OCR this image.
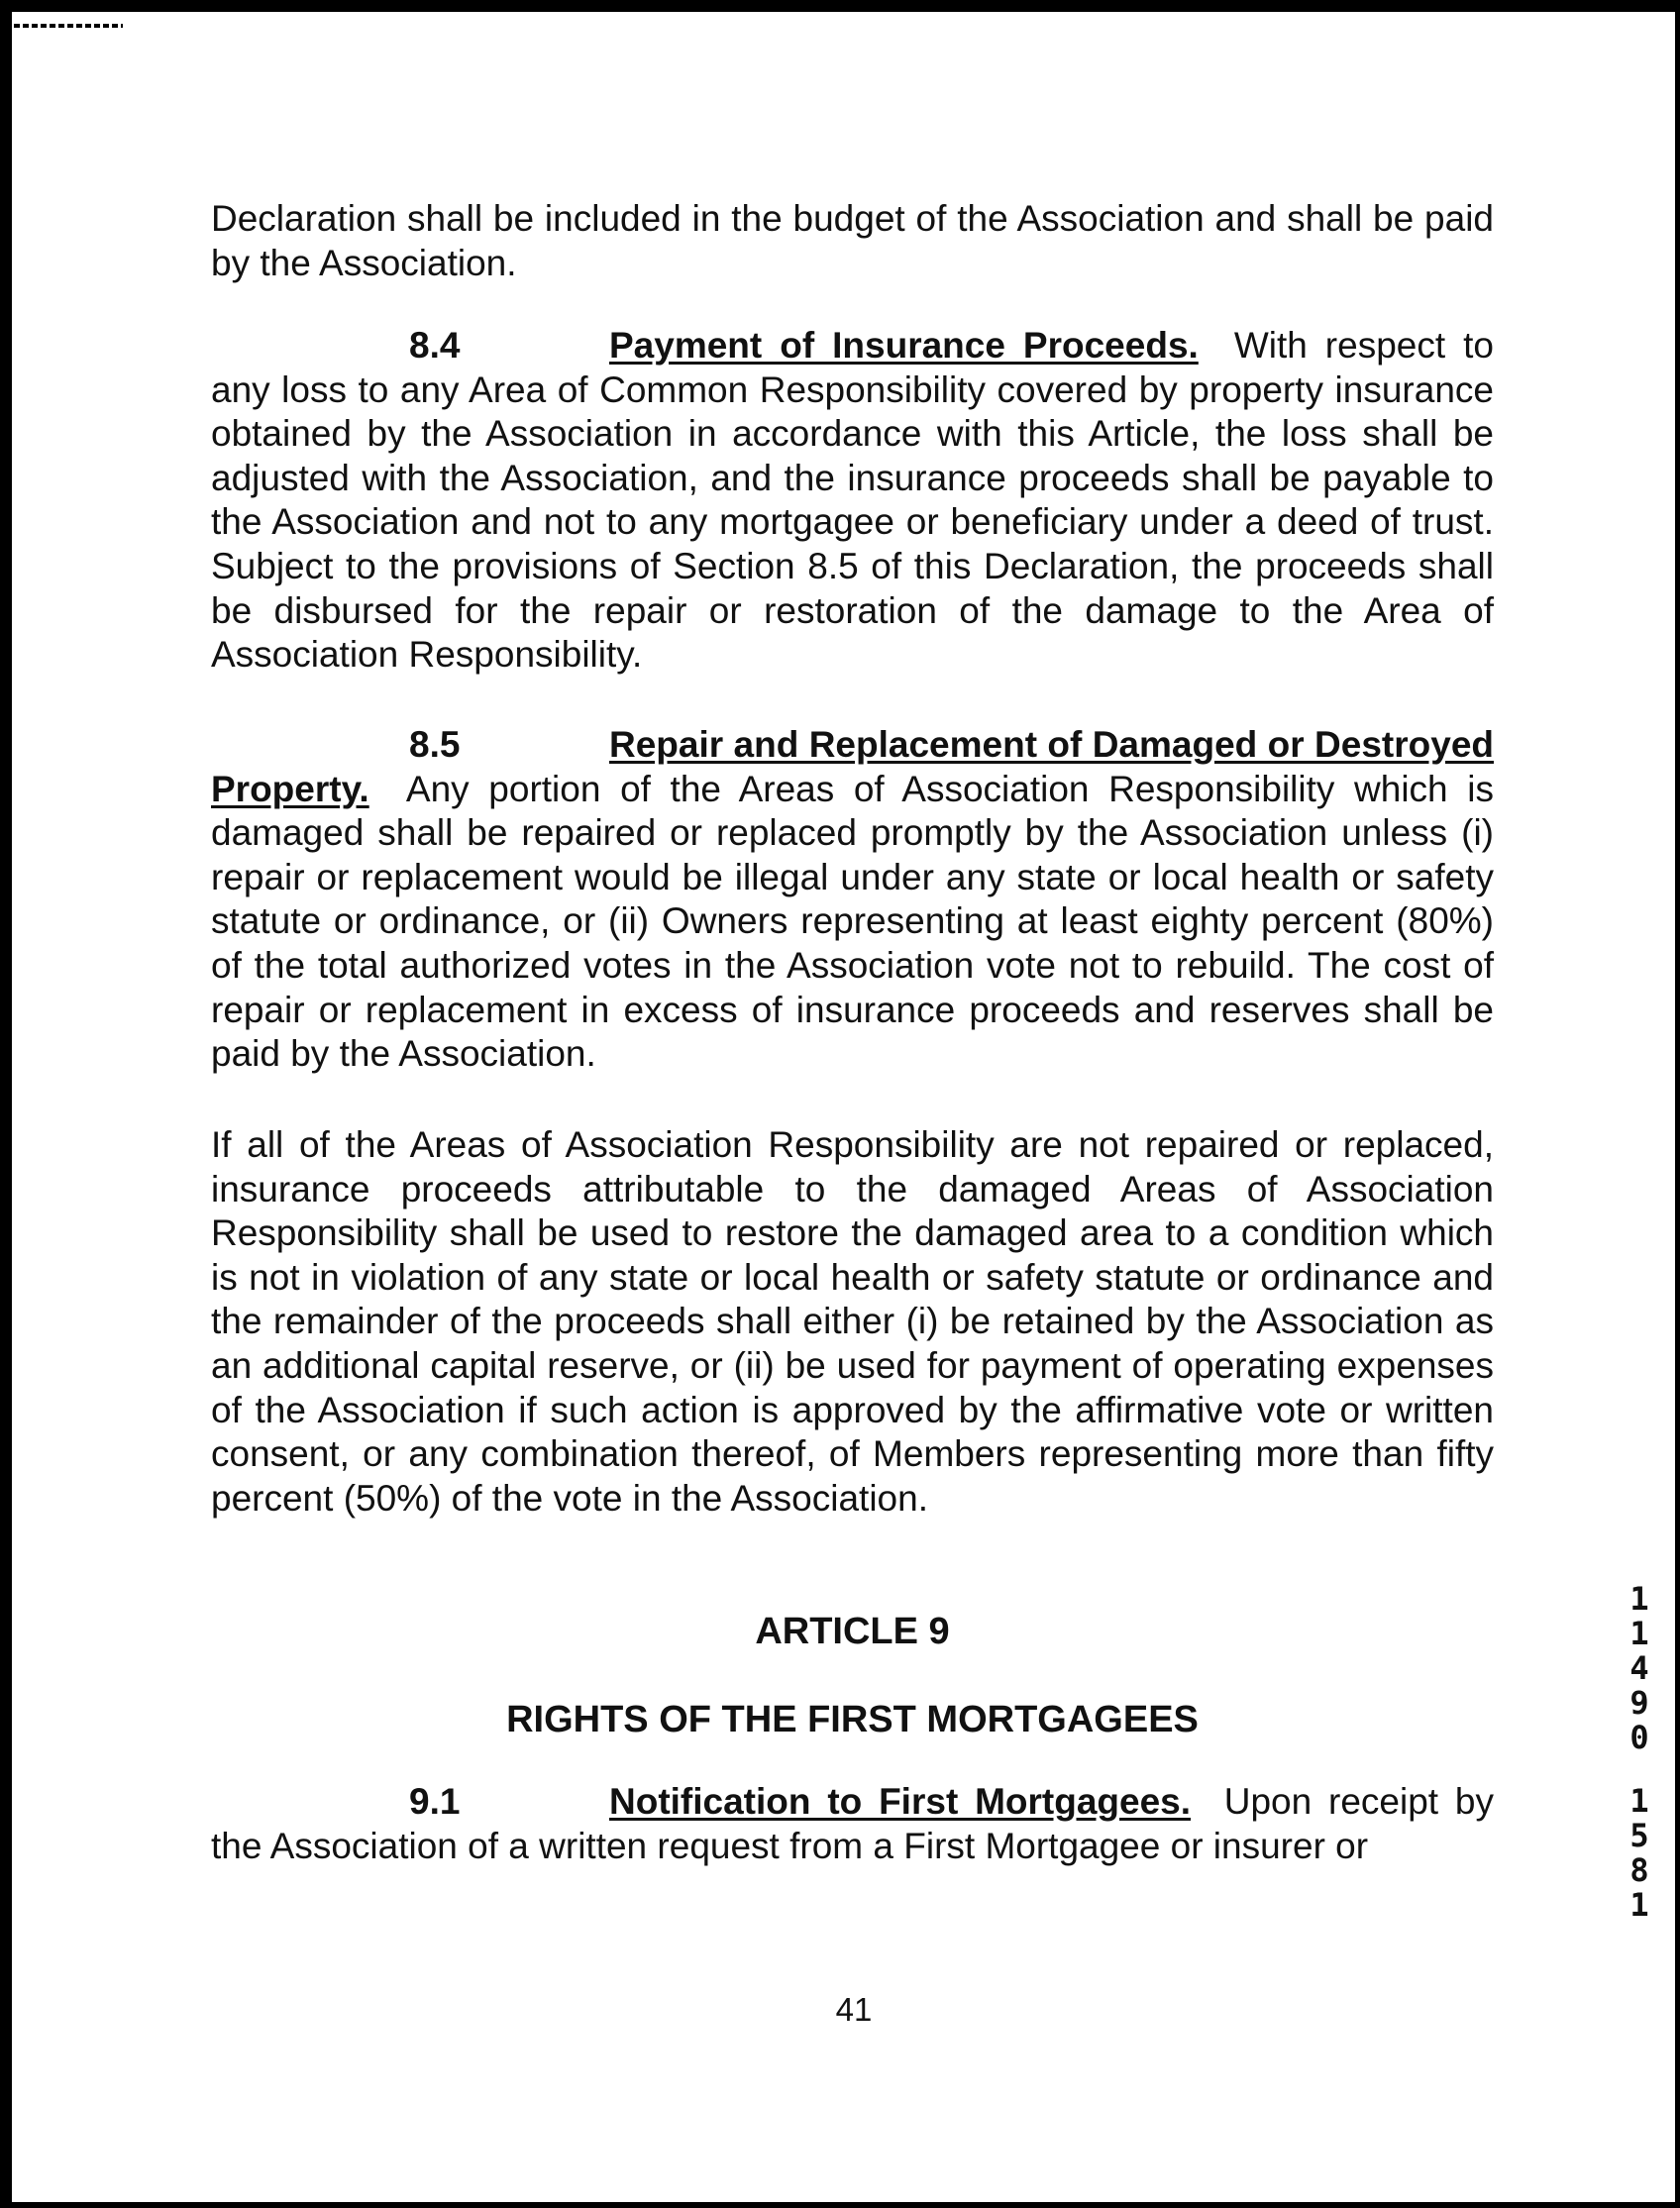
Declaration shall be included in the budget of the Association and shall be paid by the Association.

8.4	Payment of Insurance Proceeds. With respect to any loss to any Area of Common Responsibility covered by property insurance obtained by the Association in accordance with this Article, the loss shall be adjusted with the Association, and the insurance proceeds shall be payable to the Association and not to any mortgagee or beneficiary under a deed of trust. Subject to the provisions of Section 8.5 of this Declaration, the proceeds shall be disbursed for the repair or restoration of the damage to the Area of Association Responsibility.

8.5	Repair and Replacement of Damaged or Destroyed Property. Any portion of the Areas of Association Responsibility which is damaged shall be repaired or replaced promptly by the Association unless (i) repair or replacement would be illegal under any state or local health or safety statute or ordinance, or (ii) Owners representing at least eighty percent (80%) of the total authorized votes in the Association vote not to rebuild. The cost of repair or replacement in excess of insurance proceeds and reserves shall be paid by the Association.

If all of the Areas of Association Responsibility are not repaired or replaced, insurance proceeds attributable to the damaged Areas of Association Responsibility shall be used to restore the damaged area to a condition which is not in violation of any state or local health or safety statute or ordinance and the remainder of the proceeds shall either (i) be retained by the Association as an additional capital reserve, or (ii) be used for payment of operating expenses of the Association if such action is approved by the affirmative vote or written consent, or any combination thereof, of Members representing more than fifty percent (50%) of the vote in the Association.

ARTICLE 9
RIGHTS OF THE FIRST MORTGAGEES

9.1	Notification to First Mortgagees. Upon receipt by the Association of a written request from a First Mortgagee or insurer or

41
11490
1581
